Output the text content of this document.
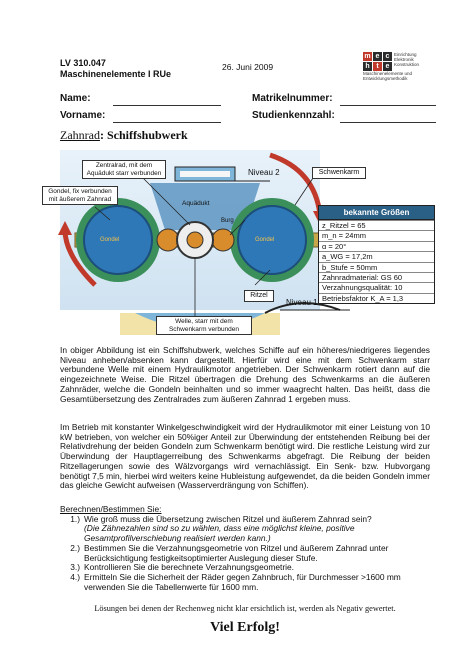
LV 310.047
Maschinenelemente I RUe
26. Juni 2009
m e c
h t e
Einrichtung
Elektronik
Konstruktion
Maschinenelemente und
Entwicklungsmethodik
Name:
Vorname:
Matrikelnummer:
Studienkennzahl:
Zahnrad: Schiffshubwerk
Zentralrad, mit dem Aquädukt starr verbunden
Gondel, fix verbunden mit äußerem Zahnrad
Niveau 2
Aquädukt
Schwenkarm
Burg
Gondel	Gondel
Ritzel
Niveau 1
Welle, starr mit dem Schwenkarm verbunden
bekannte Größen
z_Ritzel = 65
m_n = 24mm
α = 20°
a_WG = 17,2m
b_Stufe = 50mm
Zahnradmaterial: GS 60
Verzahnungsqualität: 10
Betriebsfaktor K_A = 1,3
In obiger Abbildung ist ein Schiffshubwerk, welches Schiffe auf ein höheres/niedrigeres liegendes Niveau anheben/absenken kann dargestellt. Hierfür wird eine mit dem Schwenkarm starr verbundene Welle mit einem Hydraulikmotor angetrieben. Der Schwenkarm rotiert dann auf die eingezeichnete Weise. Die Ritzel übertragen die Drehung des Schwenkarms an die äußeren Zahnräder, welche die Gondeln beinhalten und so immer waagrecht halten. Das heißt, dass die Gesamtübersetzung des Zentralrades zum äußeren Zahnrad 1 ergeben muss.
Im Betrieb mit konstanter Winkelgeschwindigkeit wird der Hydraulikmotor mit einer Leistung von 10 kW betrieben, von welcher ein 50%iger Anteil zur Überwindung der entstehenden Reibung bei der Relativdrehung der beiden Gondeln zum Schwenkarm benötigt wird. Die restliche Leistung wird zur Überwindung der Hauptlagerreibung des Schwenkarms abgefragt. Die Reibung der beiden Ritzellagerungen sowie des Wälzvorgangs wird vernachlässigt. Ein Senk- bzw. Hubvorgang benötigt 7,5 min, hierbei wird weiters keine Hubleistung aufgewendet, da die beiden Gondeln immer das gleiche Gewicht aufweisen (Wasserverdrängung von Schiffen).
Berechnen/Bestimmen Sie:
1.) Wie groß muss die Übersetzung zwischen Ritzel und äußerem Zahnrad sein?
(Die Zähnezahlen sind so zu wählen, dass eine möglichst kleine, positive Gesamtprofilverschiebung realisiert werden kann.)
2.) Bestimmen Sie die Verzahnungsgeometrie von Ritzel und äußerem Zahnrad unter Berücksichtigung festigkeitsoptimierter Auslegung dieser Stufe.
3.) Kontrollieren Sie die berechnete Verzahnungsgeometrie.
4.) Ermitteln Sie die Sicherheit der Räder gegen Zahnbruch, für Durchmesser >1600 mm verwenden Sie die Tabellenwerte für 1600 mm.
Lösungen bei denen der Rechenweg nicht klar ersichtlich ist, werden als Negativ gewertet.
Viel Erfolg!
